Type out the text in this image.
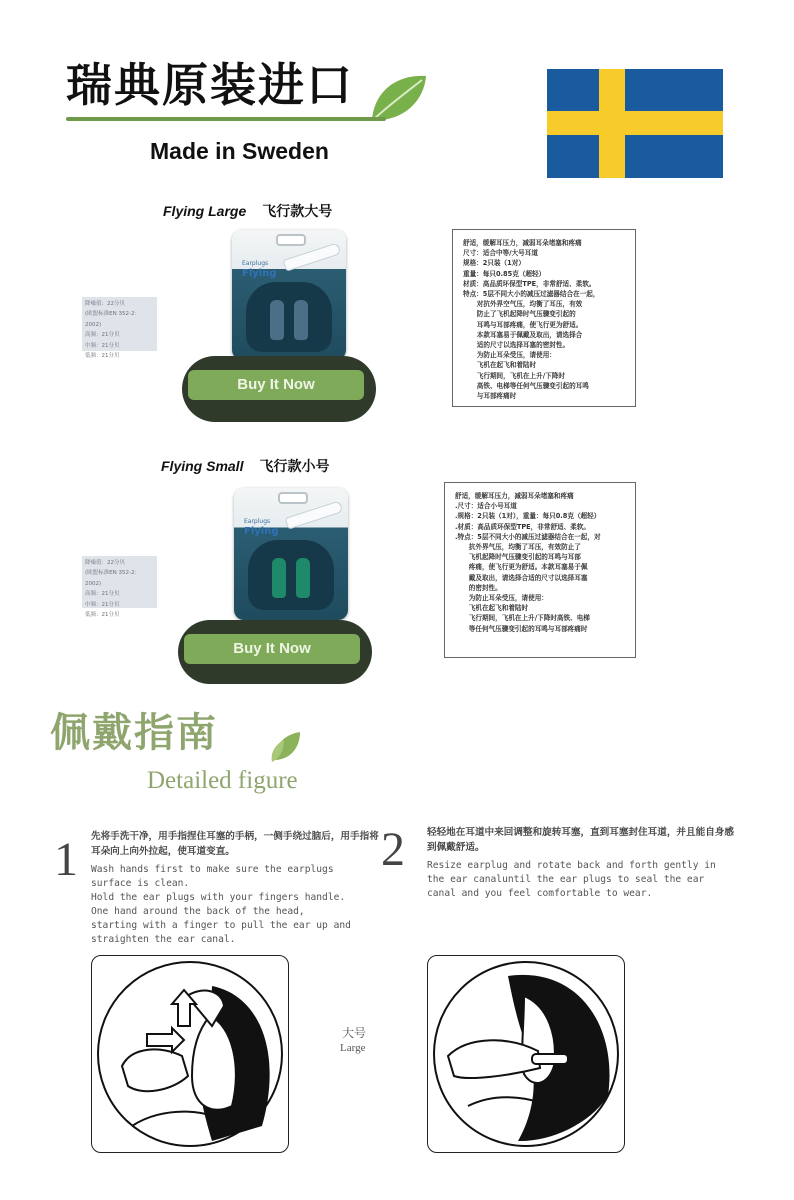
瑞典原装进口
Made in Sweden
Flying Large 飞行款大号
Earplugs
Flying
降噪值：22分贝
(欧盟标准EN 352-2：2002)
高频：21分贝
中频：21分贝
低频：21分贝
Buy It Now
舒适，缓解耳压力，减弱耳朵堵塞和疼痛
尺寸：适合中等/大号耳道
规格：2只装（1对）
重量：每只0.85克（超轻）
材质：高品质环保型TPE，非常舒适、柔软。
特点：5层不同大小的减压过滤器结合在一起，
对抗外界空气压，均衡了耳压，有效
防止了飞机起降时气压骤变引起的
耳鸣与耳部疼痛，使飞行更为舒适。
本款耳塞易于佩戴及取出，请选择合
适的尺寸以选择耳塞的密封性。
为防止耳朵受压，请使用：
飞机在起飞和着陆时
飞行期间，飞机在上升/下降时
高铁、电梯等任何气压骤变引起的耳鸣
与耳部疼痛时
Flying Small 飞行款小号
Earplugs
Flying
降噪值：22分贝
(欧盟标准EN 352-2：2002)
高频：21分贝
中频：21分贝
低频：21分贝
Buy It Now
舒适，缓解耳压力，减弱耳朵堵塞和疼痛
.尺寸：适合小号耳道
.规格：2只装（1对），重量：每只0.8克（超轻）
.材质：高品质环保型TPE，非常舒适、柔软。
.特点：5层不同大小的减压过滤器结合在一起，对
抗外界气压，均衡了耳压，有效防止了
飞机起降时气压骤变引起的耳鸣与耳部
疼痛，使飞行更为舒适。本款耳塞易于佩
戴及取出，请选择合适的尺寸以选择耳塞
的密封性。
为防止耳朵受压，请使用：
飞机在起飞和着陆时
飞行期间，飞机在上升/下降时高铁、电梯
等任何气压骤变引起的耳鸣与耳部疼痛时
佩戴指南
Detailed figure
1 先将手洗干净，用手指捏住耳塞的手柄，一侧手绕过脑后，用手指将耳朵向上向外拉起，使耳道变直。
Wash hands first to make sure the earplugs surface is clean.
Hold the ear plugs with your fingers handle. One hand around the back of the head, starting with a finger to pull the ear up and straighten the ear canal.
2 轻轻地在耳道中来回调整和旋转耳塞，直到耳塞封住耳道，并且能自身感到佩戴舒适。
Resize earplug and rotate back and forth gently in the ear canaluntil the ear plugs to seal the ear canal and you feel comfortable to wear.
大号
Large
